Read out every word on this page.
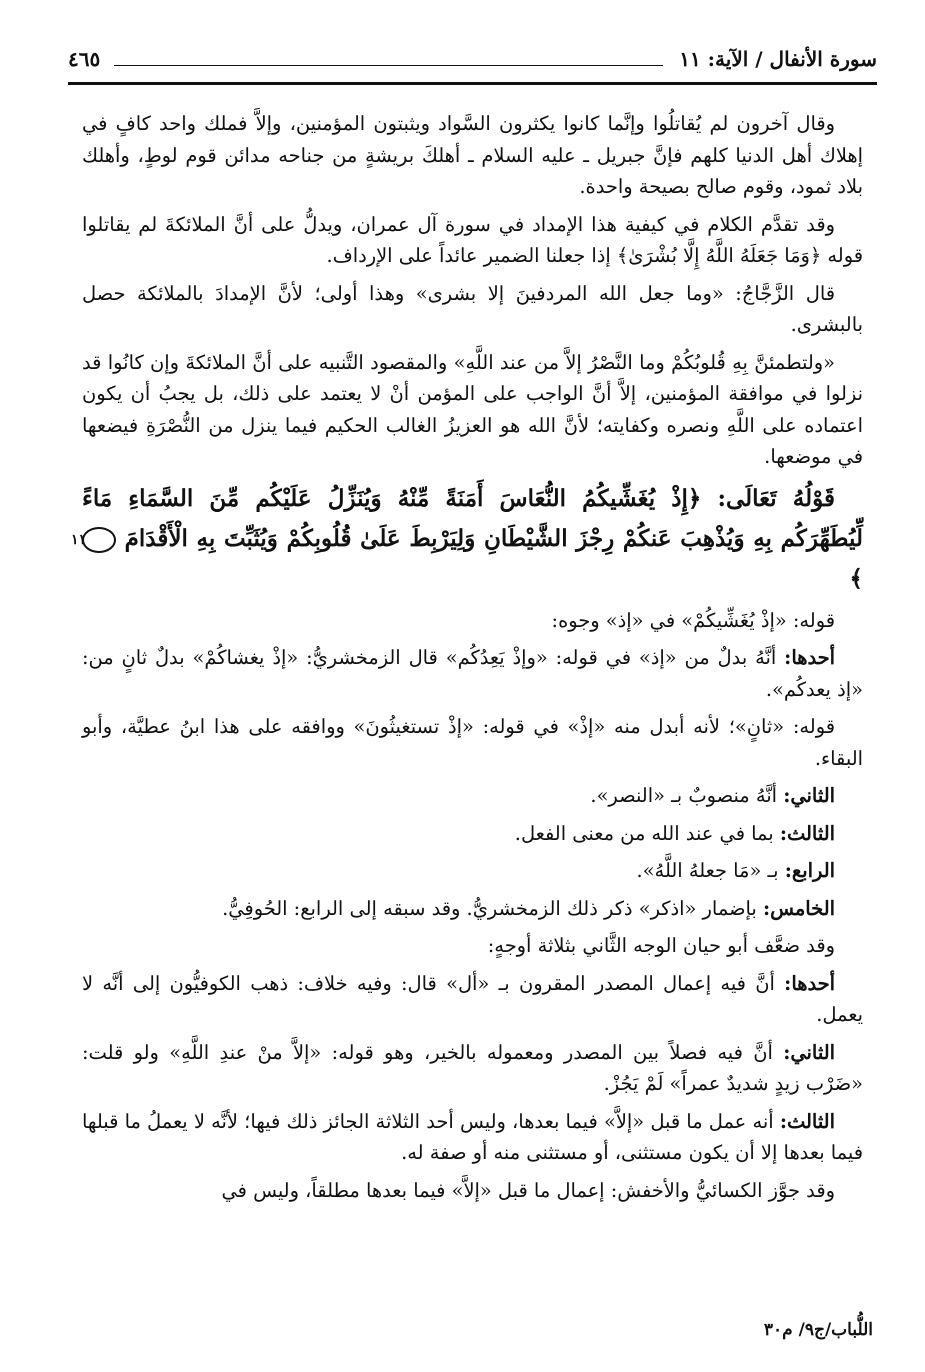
سورة الأنفال / الآية: ١١
٤٦٥

وقال آخرون لم يُقاتلُوا وإنَّما كانوا يكثرون السَّواد ويثبتون المؤمنين، وإلاَّ فملك واحد كافٍ في إهلاك أهل الدنيا كلهم فإنَّ جبريل ـ عليه السلام ـ أهلكَ بريشةٍ من جناحه مدائن قوم لوطٍ، وأهلك بلاد ثمود، وقوم صالح بصيحة واحدة.

وقد تقدَّم الكلام في كيفية هذا الإمداد في سورة آل عمران، ويدلُّ على أنَّ الملائكةَ لم يقاتلوا قوله ﴿وَمَا جَعَلَهُ اللَّهُ إِلَّا بُشْرَىٰ﴾ إذا جعلنا الضمير عائداً على الإرداف.

قال الزَّجَّاجُ: «وما جعل الله المردفينَ إلا بشرى» وهذا أولى؛ لأنَّ الإمدادَ بالملائكة حصل بالبشرى.

«ولتطمئنَّ بِهِ قُلوبُكُمْ وما النَّصْرُ إلاَّ من عند اللَّهِ» والمقصود التَّنبيه على أنَّ الملائكةَ وإن كانُوا قد نزلوا في موافقة المؤمنين، إلاَّ أنَّ الواجب على المؤمن أنْ لا يعتمد على ذلك، بل يجبُ أن يكون اعتماده على اللَّهِ ونصره وكفايته؛ لأنَّ الله هو العزيزُ الغالب الحكيم فيما ينزل من النُّصْرَةِ فيضعها في موضعها.

قَوْلُهُ تَعَالَى: ﴿إِذْ يُغَشِّيكُمُ النُّعَاسَ أَمَنَةً مِّنْهُ وَيُنَزِّلُ عَلَيْكُم مِّنَ السَّمَاءِ مَاءً لِّيُطَهِّرَكُم بِهِ وَيُذْهِبَ عَنكُمْ رِجْزَ الشَّيْطَانِ وَلِيَرْبِطَ عَلَىٰ قُلُوبِكُمْ وَيُثَبِّتَ بِهِ الْأَقْدَامَ ١١﴾

قوله: «إذْ يُغَشِّيكُمْ» في «إذ» وجوه:

أحدها: أنَّهُ بدلٌ من «إذ» في قوله: «وإذْ يَعِدُكُم» قال الزمخشريُّ: «إذْ يغشاكُمْ» بدلٌ ثانٍ من: «إذ يعدكُم».

قوله: «ثانٍ»؛ لأنه أبدل منه «إذْ» في قوله: «إذْ تستغيثُونَ» ووافقه على هذا ابنُ عطيَّة، وأبو البقاء.

الثاني: أنَّهُ منصوبٌ بـ «النصر».

الثالث: بما في عند الله من معنى الفعل.

الرابع: بـ «مَا جعلهُ اللَّهُ».

الخامس: بإضمار «اذكر» ذكر ذلك الزمخشريُّ. وقد سبقه إلى الرابع: الحُوفِيُّ.

وقد ضعَّف أبو حيان الوجه الثَّاني بثلاثة أوجهٍ:

أحدها: أنَّ فيه إعمال المصدر المقرون بـ «أل» قال: وفيه خلاف: ذهب الكوفيُّون إلى أنَّه لا يعمل.

الثاني: أنَّ فيه فصلاً بين المصدر ومعموله بالخير، وهو قوله: «إلاَّ منْ عندِ اللَّهِ» ولو قلت: «ضَرْب زيدٍ شديدٌ عمراً» لَمْ يَجُزْ.

الثالث: أنه عمل ما قبل «إلاَّ» فيما بعدها، وليس أحد الثلاثة الجائز ذلك فيها؛ لأنَّه لا يعملُ ما قبلها فيما بعدها إلا أن يكون مستثنى، أو مستثنى منه أو صفة له.

وقد جوَّز الكسائيُّ والأخفش: إعمال ما قبل «إلاَّ» فيما بعدها مطلقاً، وليس في

اللُّباب/ج٩/ م٣٠
